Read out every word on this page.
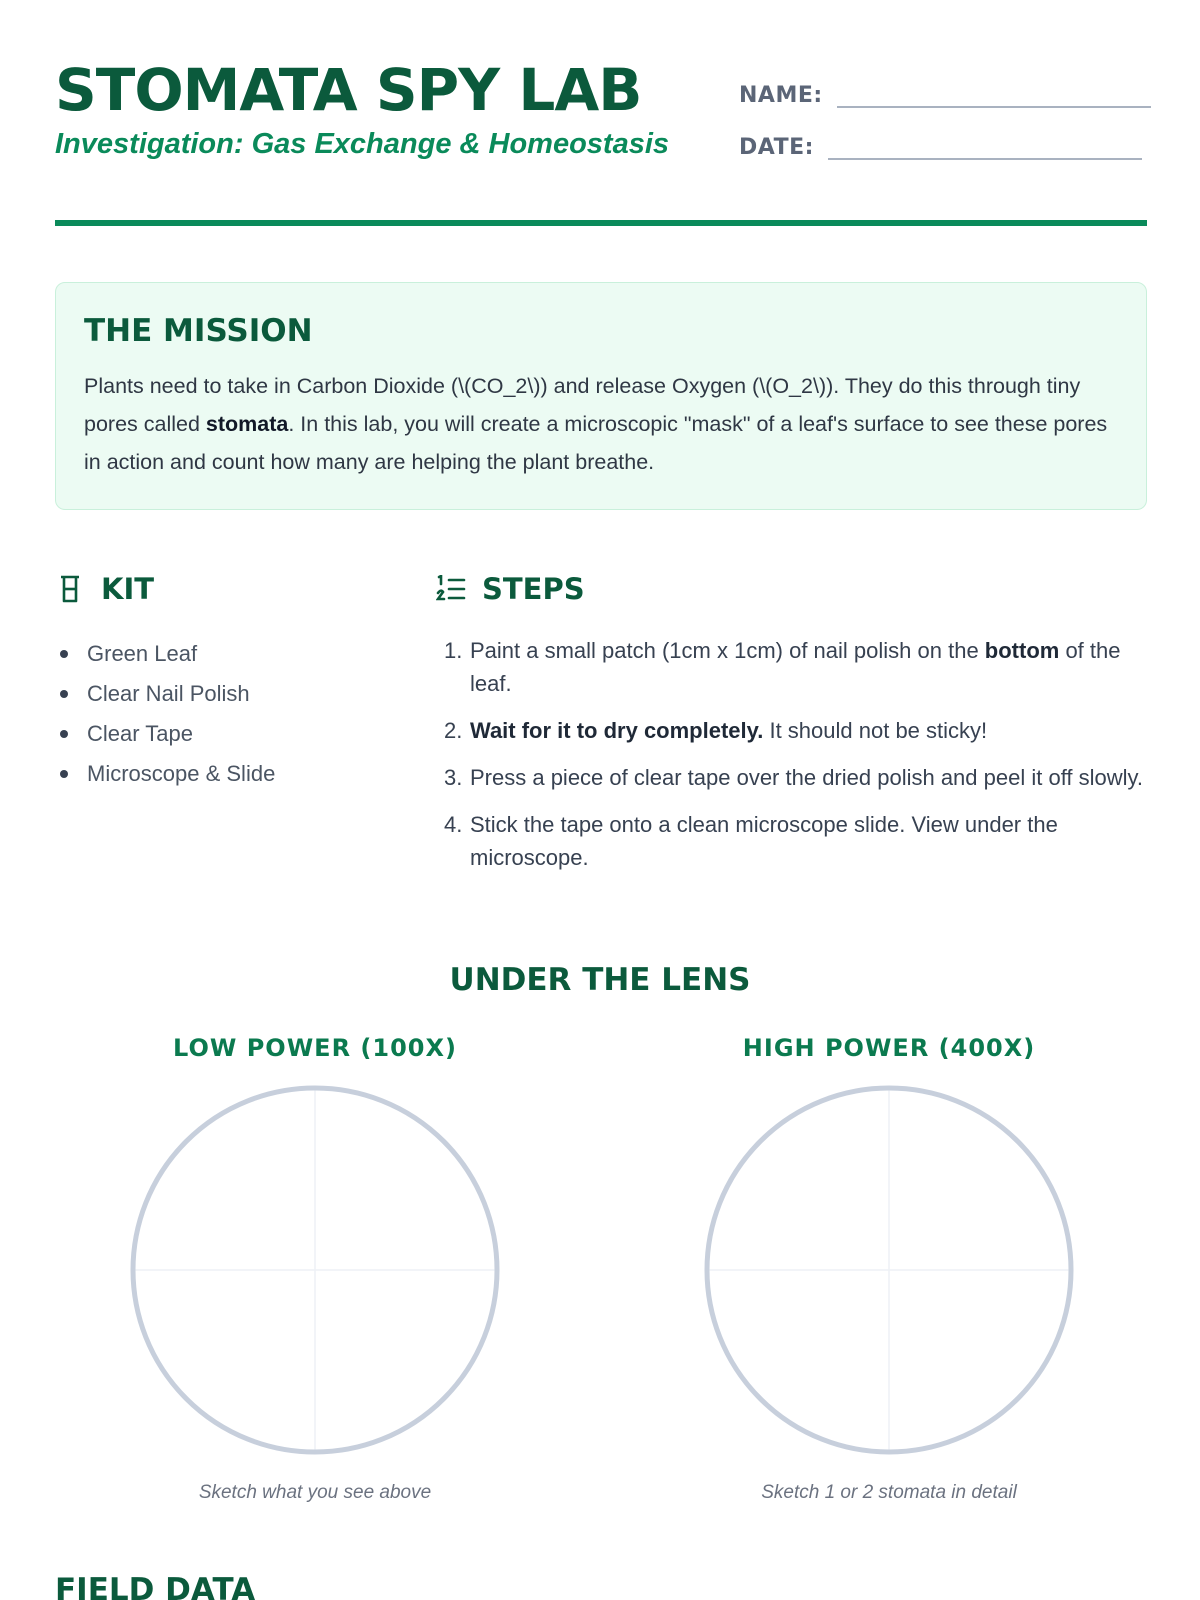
STOMATA SPY LAB
Investigation: Gas Exchange & Homeostasis
NAME:
DATE:
THE MISSION

Plants need to take in Carbon Dioxide (\(CO_2\)) and release Oxygen (\(O_2\)). They do this through tiny pores called stomata. In this lab, you will create a microscopic "mask" of a leaf's surface to see these pores in action and count how many are helping the plant breathe.

KIT
Green Leaf
Clear Nail Polish
Clear Tape
Microscope & Slide
STEPS
1. Paint a small patch (1cm x 1cm) of nail polish on the bottom of the leaf.
2. Wait for it to dry completely. It should not be sticky!
3. Press a piece of clear tape over the dried polish and peel it off slowly.
4. Stick the tape onto a clean microscope slide. View under the microscope.
UNDER THE LENS
LOW POWER (100X)
Sketch what you see above
HIGH POWER (400X)
Sketch 1 or 2 stomata in detail
FIELD DATA
